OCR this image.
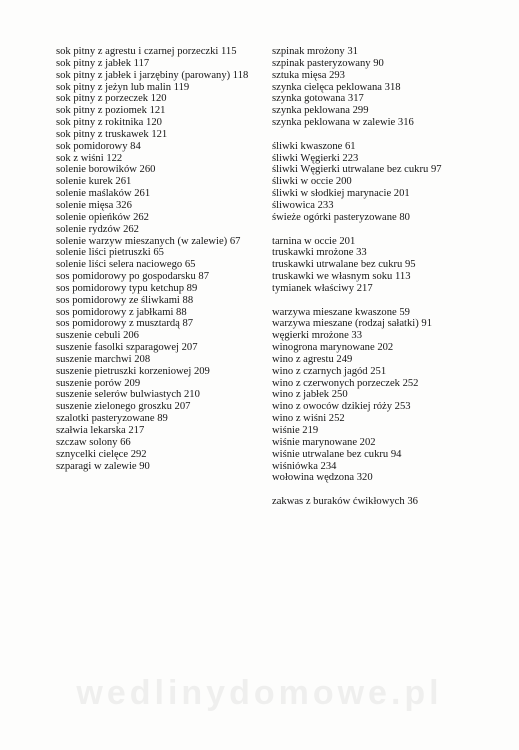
sok pitny z agrestu i czarnej porzeczki 115
sok pitny z jabłek 117
sok pitny z jabłek i jarzębiny (parowany) 118
sok pitny z jeżyn lub malin 119
sok pitny z porzeczek 120
sok pitny z poziomek 121
sok pitny z rokitnika 120
sok pitny z truskawek 121
sok pomidorowy 84
sok z wiśni 122
solenie borowików 260
solenie kurek 261
solenie maślaków 261
solenie mięsa 326
solenie opieńków 262
solenie rydzów 262
solenie warzyw mieszanych (w zalewie) 67
solenie liści pietruszki 65
solenie liści selera naciowego 65
sos pomidorowy po gospodarsku 87
sos pomidorowy typu ketchup 89
sos pomidorowy ze śliwkami 88
sos pomidorowy z jabłkami 88
sos pomidorowy z musztardą 87
suszenie cebuli 206
suszenie fasolki szparagowej 207
suszenie marchwi 208
suszenie pietruszki korzeniowej 209
suszenie porów 209
suszenie selerów bulwiastych 210
suszenie zielonego groszku 207
szalotki pasteryzowane 89
szałwia lekarska 217
szczaw solony 66
sznycelki cielęce 292
szparagi w zalewie 90
szpinak mrożony 31
szpinak pasteryzowany 90
sztuka mięsa 293
szynka cielęca peklowana 318
szynka gotowana 317
szynka peklowana 299
szynka peklowana w zalewie 316
śliwki kwaszone 61
śliwki Węgierki 223
śliwki Węgierki utrwalane bez cukru 97
śliwki w occie 200
śliwki w słodkiej marynacie 201
śliwowica 233
świeże ogórki pasteryzowane 80
tarnina w occie 201
truskawki mrożone 33
truskawki utrwalane bez cukru 95
truskawki we własnym soku 113
tymianek właściwy 217
warzywa mieszane kwaszone 59
warzywa mieszane (rodzaj sałatki) 91
węgierki mrożone 33
winogrona marynowane 202
wino z agrestu 249
wino z czarnych jagód 251
wino z czerwonych porzeczek 252
wino z jabłek 250
wino z owoców dzikiej róży 253
wino z wiśni 252
wiśnie 219
wiśnie marynowane 202
wiśnie utrwalane bez cukru 94
wiśniówka 234
wołowina wędzona 320
zakwas z buraków ćwikłowych 36
wedlinydomowe.pl
